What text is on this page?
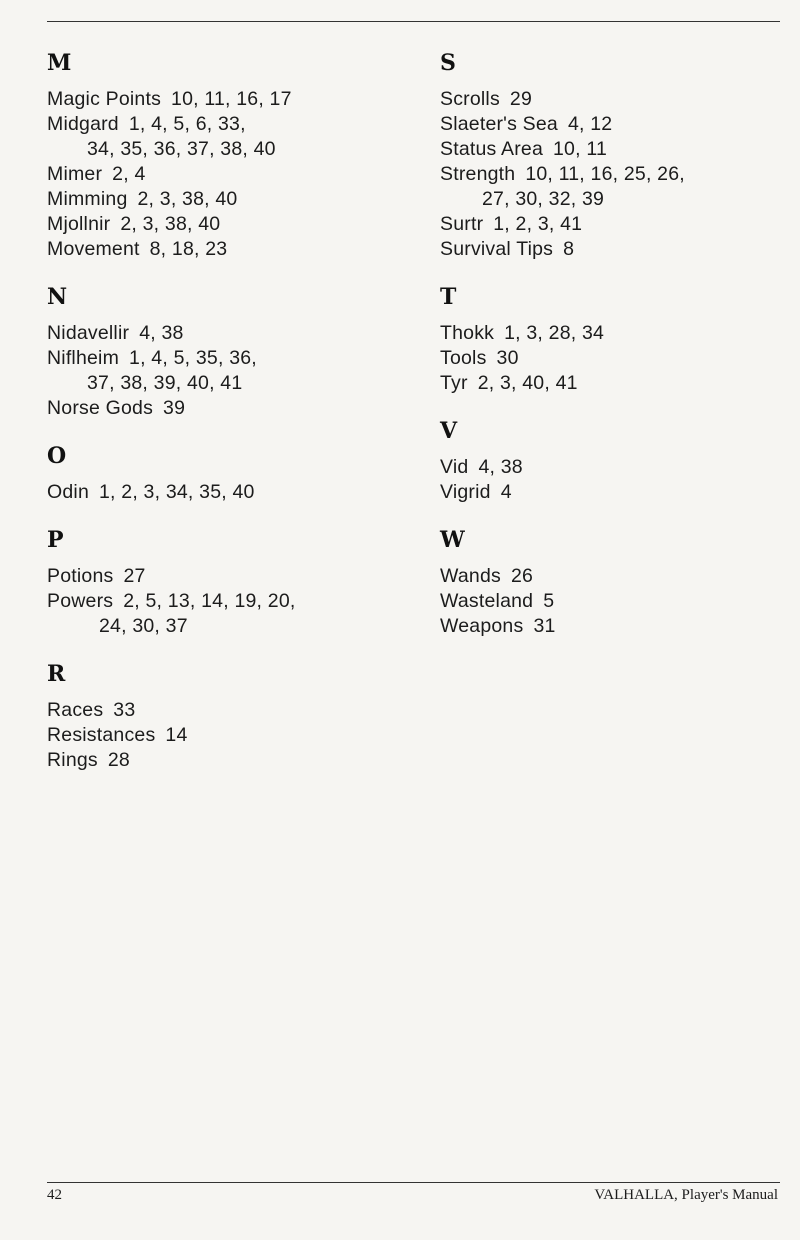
M
Magic Points 10, 11, 16, 17
Midgard 1, 4, 5, 6, 33,
34, 35, 36, 37, 38, 40
Mimer 2, 4
Mimming 2, 3, 38, 40
Mjollnir 2, 3, 38, 40
Movement 8, 18, 23
N
Nidavellir 4, 38
Niflheim 1, 4, 5, 35, 36,
37, 38, 39, 40, 41
Norse Gods 39
O
Odin 1, 2, 3, 34, 35, 40
P
Potions 27
Powers 2, 5, 13, 14, 19, 20,
24, 30, 37
R
Races 33
Resistances 14
Rings 28
S
Scrolls 29
Slaeter's Sea 4, 12
Status Area 10, 11
Strength 10, 11, 16, 25, 26,
27, 30, 32, 39
Surtr 1, 2, 3, 41
Survival Tips 8
T
Thokk 1, 3, 28, 34
Tools 30
Tyr 2, 3, 40, 41
V
Vid 4, 38
Vigrid 4
W
Wands 26
Wasteland 5
Weapons 31
42	VALHALLA, Player's Manual
